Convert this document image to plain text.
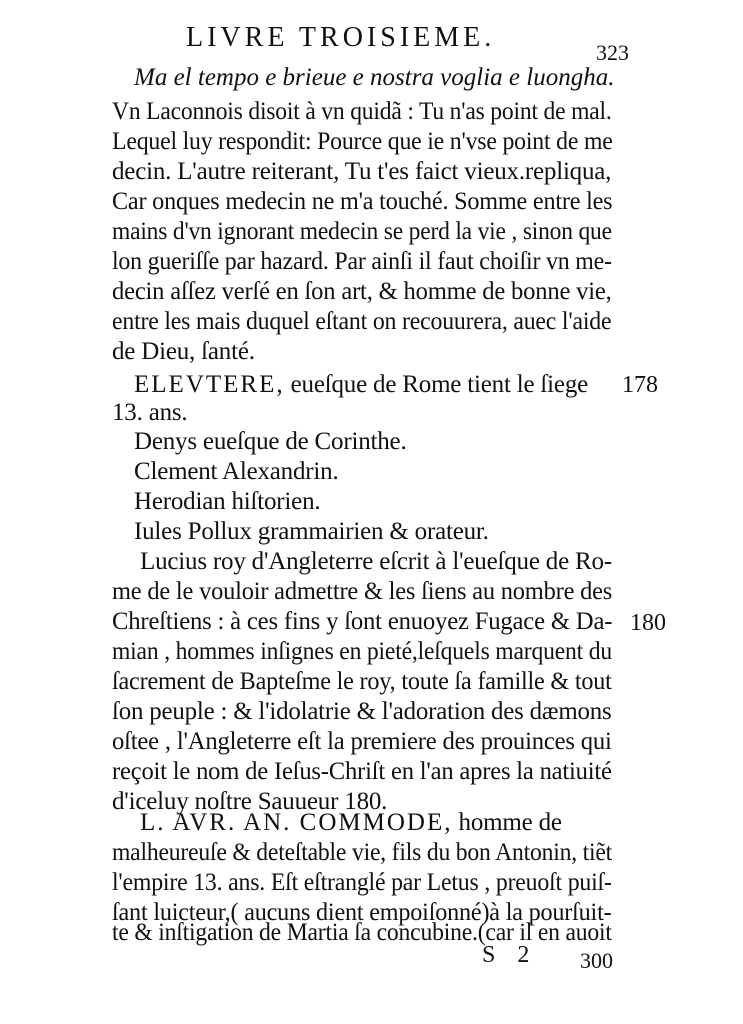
LIVRE TROISIEME.	323
Ma el tempo e brieue e nostra voglia e luongha.
Vn Laconnois disoit à vn quidã : Tu n'as point de mal.
Lequel luy respondit: Pource que ie n'vse point de me
decin. L'autre reiterant, Tu t'es faict vieux.repliqua,
Car onques medecin ne m'a touché. Somme entre les
mains d'vn ignorant medecin se perd la vie , sinon que
lon gueriſſe par hazard. Par ainſi il faut choiſir vn me-
decin aſſez verſé en ſon art, & homme de bonne vie,
entre les mais duquel eſtant on recouurera, auec l'aide
de Dieu, ſanté.
ELEVTERE, eueſque de Rome tient le ſiege 178
13. ans.
Denys eueſque de Corinthe.
Clement Alexandrin.
Herodian hiſtorien.
Iules Pollux grammairien & orateur.
Lucius roy d'Angleterre eſcrit à l'eueſque de Ro-
me de le vouloir admettre & les ſiens au nombre des
Chreſtiens : à ces fins y ſont enuoyez Fugace & Da- 180
mian , hommes inſignes en pieté,leſquels marquent du
ſacrement de Bapteſme le roy, toute ſa famille & tout
ſon peuple : & l'idolatrie & l'adoration des dæmons
oſtee , l'Angleterre eſt la premiere des prouinces qui
reçoit le nom de Ieſus-Chriſt en l'an apres la natiuité
d'iceluy noſtre Sauueur 180.
L. AVR. AN. COMMODE, homme de
malheureuſe & deteſtable vie, fils du bon Antonin, tiẽt
l'empire 13. ans. Eſt eſtranglé par Letus , preuoſt puiſ-
ſant luicteur,( aucuns dient empoiſonné)à la pourſuit-
te & inſtigation de Martia ſa concubine.(car il en auoit
S 2 300
